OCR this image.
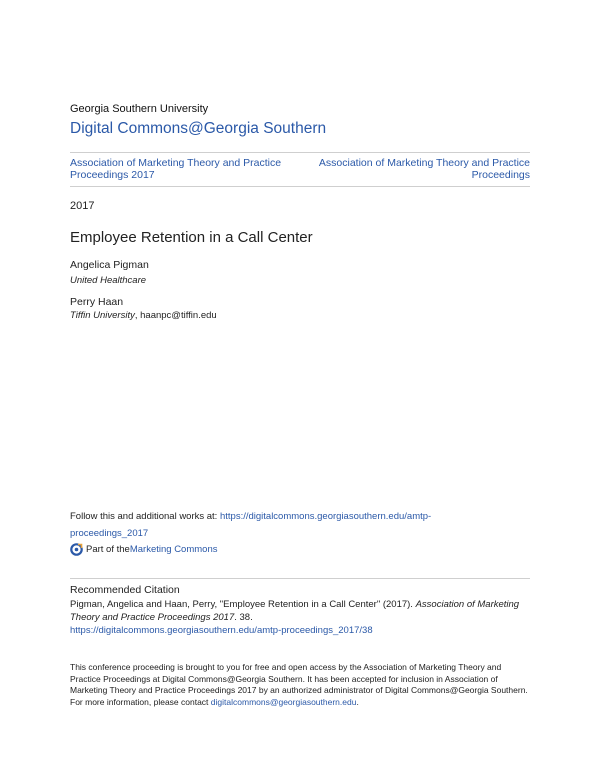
Georgia Southern University
Digital Commons@Georgia Southern
Association of Marketing Theory and Practice Proceedings 2017
Association of Marketing Theory and Practice Proceedings
2017
Employee Retention in a Call Center
Angelica Pigman
United Healthcare
Perry Haan
Tiffin University, haanpc@tiffin.edu
Follow this and additional works at: https://digitalcommons.georgiasouthern.edu/amtp-proceedings_2017
Part of the Marketing Commons
Recommended Citation
Pigman, Angelica and Haan, Perry, "Employee Retention in a Call Center" (2017). Association of Marketing Theory and Practice Proceedings 2017. 38.
https://digitalcommons.georgiasouthern.edu/amtp-proceedings_2017/38
This conference proceeding is brought to you for free and open access by the Association of Marketing Theory and Practice Proceedings at Digital Commons@Georgia Southern. It has been accepted for inclusion in Association of Marketing Theory and Practice Proceedings 2017 by an authorized administrator of Digital Commons@Georgia Southern. For more information, please contact digitalcommons@georgiasouthern.edu.
